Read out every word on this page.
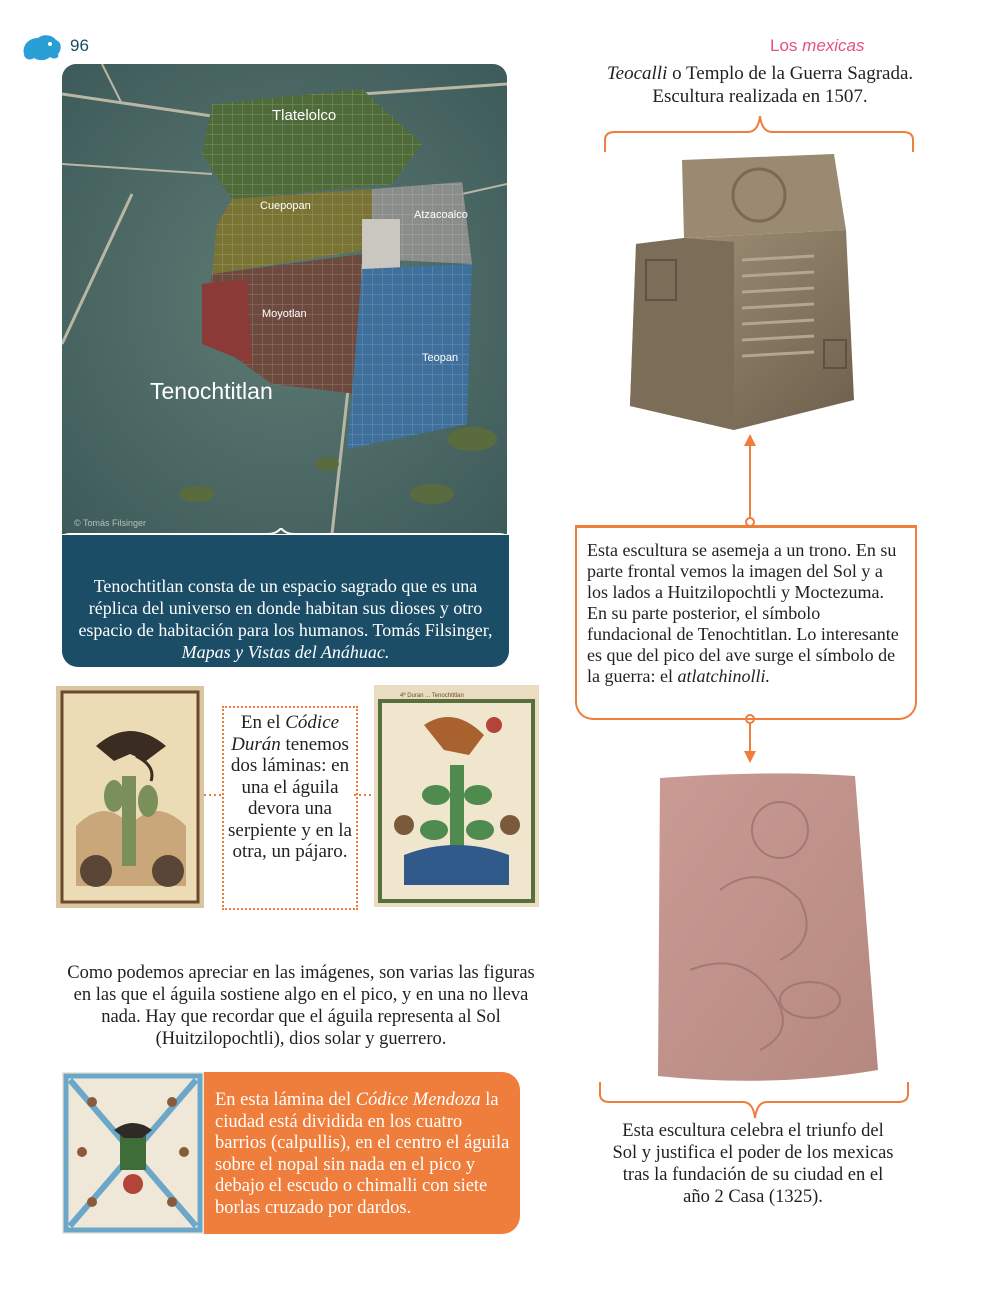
96	Los mexicas
Tlatelolco
Cuepopan
Atzacoalco
Moyotlan
Teopan
Tenochtitlan
© Tomás Filsinger
Tenochtitlan consta de un espacio sagrado que es una réplica del universo en donde habitan sus dioses y otro espacio de habitación para los humanos. Tomás Filsinger, Mapas y Vistas del Anáhuac.
Teocalli o Templo de la Guerra Sagrada.
Escultura realizada en 1507.
Esta escultura se asemeja a un trono. En su parte frontal vemos la imagen del Sol y a los lados a Huitzilopochtli y Moctezuma. En su parte posterior, el símbolo fundacional de Tenochtitlan. Lo interesante es que del pico del ave surge el símbolo de la guerra: el atlatchinolli.
Esta escultura celebra el triunfo del Sol y justifica el poder de los mexicas tras la fundación de su ciudad en el año 2 Casa (1325).
En el Códice Durán tenemos dos láminas: en una el águila devora una serpiente y en la otra, un pájaro.
4ª Duran ... Tenochtitlan
Como podemos apreciar en las imágenes, son varias las figuras en las que el águila sostiene algo en el pico, y en una no lleva nada. Hay que recordar que el águila representa al Sol (Huitzilopochtli), dios solar y guerrero.
En esta lámina del Códice Mendoza la ciudad está dividida en los cuatro barrios (calpullis), en el centro el águila sobre el nopal sin nada en el pico y debajo el escudo o chimalli con siete borlas cruzado por dardos.
